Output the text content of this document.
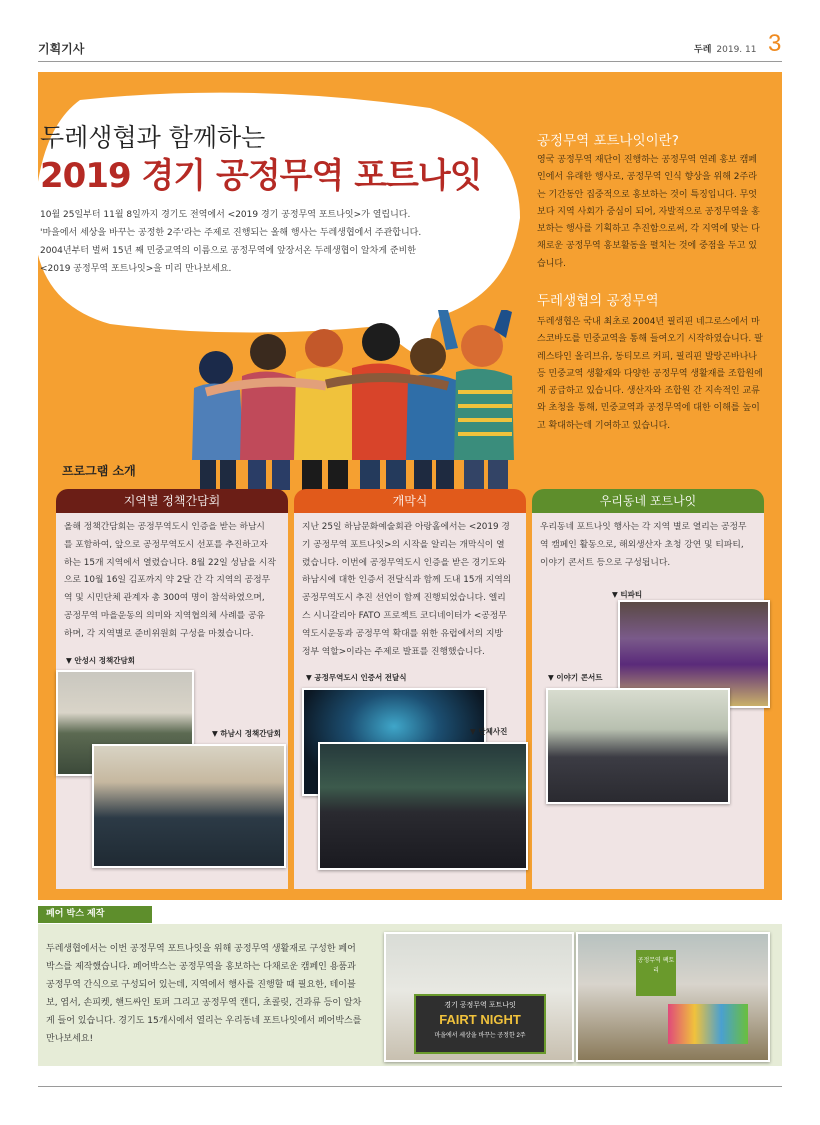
기획기사	두레 2019. 11 3
두레생협과 함께하는
2019 경기 공정무역 포트나잇
10월 25일부터 11월 8일까지 경기도 전역에서 <2019 경기 공정무역 포트나잇>가 열립니다.
'마을에서 세상을 바꾸는 공정한 2주'라는 주제로 진행되는 올해 행사는 두레생협에서 주관합니다.
2004년부터 벌써 15년 째 민중교역의 이름으로 공정무역에 앞장서온 두레생협이 알차게 준비한
<2019 공정무역 포트나잇>을 미리 만나보세요.
공정무역 포트나잇이란?
영국 공정무역 재단이 진행하는 공정무역 연례 홍보 캠페
인에서 유래한 행사로, 공정무역 인식 향상을 위해 2주라
는 기간동안 집중적으로 홍보하는 것이 특징입니다. 무엇
보다 지역 사회가 중심이 되어, 자발적으로 공정무역을 홍
보하는 행사를 기획하고 추진함으로써, 각 지역에 맞는 다
채로운 공정무역 홍보활동을 펼치는 것에 중점을 두고 있
습니다.
두레생협의 공정무역
두레생협은 국내 최초로 2004년 필리핀 네그로스에서 마
스코바도를 민중교역을 통해 들여오기 시작하였습니다. 팔
레스타인 올리브유, 동티모르 커피, 필리핀 발랑곤바나나
등 민중교역 생활재와 다양한 공정무역 생활재를 조합원에
게 공급하고 있습니다. 생산자와 조합원 간 지속적인 교류
와 초청을 통해, 민중교역과 공정무역에 대한 이해를 높이
고 확대하는데 기여하고 있습니다.
프로그램 소개
지역별 정책간담회
올해 정책간담회는 공정무역도시 인증을 받는 하남시
를 포함하여, 앞으로 공정무역도시 선포를 추진하고자
하는 15개 지역에서 열렸습니다. 8월 22일 성남을 시작
으로 10월 16일 김포까지 약 2달 간 각 지역의 공정무
역 및 시민단체 관계자 총 300여 명이 참석하였으며,
공정무역 마을운동의 의미와 지역협의체 사례를 공유
하며, 각 지역별로 준비위원회 구성을 마쳤습니다.
▼ 안성시 정책간담회
▼ 하남시 정책간담회
개막식
지난 25일 하남문화예술회관 아랑홀에서는 <2019 경
기 공정무역 포트나잇>의 시작을 알리는 개막식이 열
렸습니다. 이번에 공정무역도시 인증을 받은 경기도와
하남시에 대한 인증서 전달식과 함께 도내 15개 지역의
공정무역도시 추진 선언이 함께 진행되었습니다. 엘리
스 시니갈리아 FATO 프로젝트 코디네이터가 <공정무
역도시운동과 공정무역 확대를 위한 유럽에서의 지방
정부 역할>이라는 주제로 발표를 진행했습니다.
▼ 공정무역도시 인증서 전달식
▼ 단체사진
우리동네 포트나잇
우리동네 포트나잇 행사는 각 지역 별로 열리는 공정무
역 캠페인 활동으로, 해외생산자 초청 강연 및 티파티,
이야기 콘서트 등으로 구성됩니다.
▼ 티파티
▼ 이야기 콘서트
페어 박스 제작
두레생협에서는 이번 공정무역 포트나잇을 위해 공정무역 생활재로 구성한 페어
박스를 제작했습니다. 페어박스는 공정무역을 홍보하는 다채로운 캠페인 용품과
공정무역 간식으로 구성되어 있는데, 지역에서 행사를 진행할 때 필요한, 테이블
보, 엽서, 손피켓, 핸드싸인 토퍼 그리고 공정무역 캔디, 초콜릿, 건과류 등이 알차
게 들어 있습니다. 경기도 15개시에서 열리는 우리동네 포트나잇에서 페어박스를
만나보세요!
경기 공정무역 포트나잇
FAIRT NIGHT
마을에서 세상을 바꾸는 공정한 2주
공정무역 팩토리
